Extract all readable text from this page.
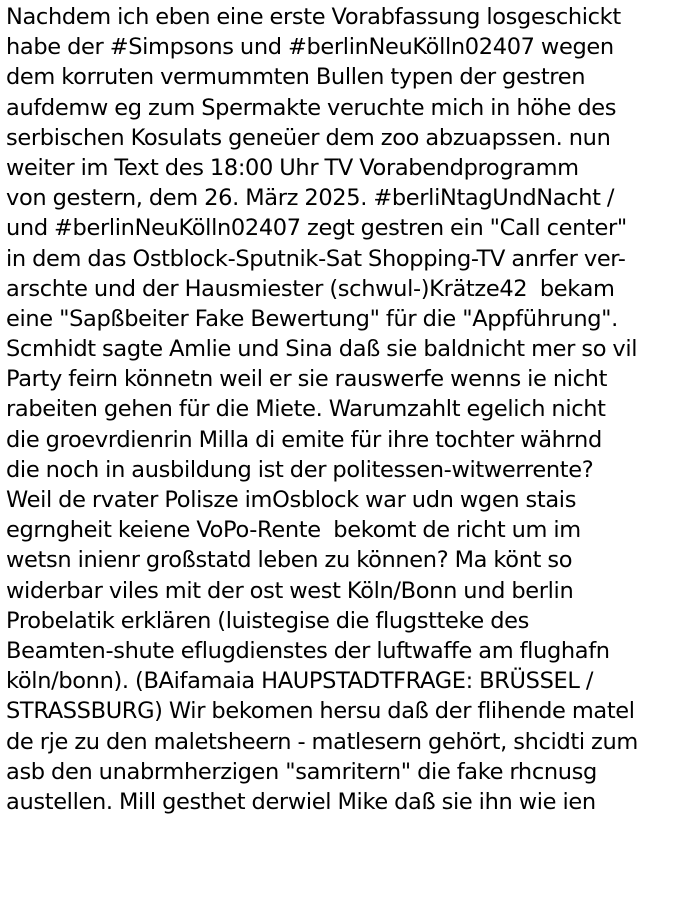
Nachdem ich eben eine erste Vorabfassung losgeschickt
habe der #Simpsons und #berlinNeuKölln02407 wegen
dem korruten vermummten Bullen typen der gestren
aufdemw eg zum Spermakte veruchte mich in höhe des
serbischen Kosulats geneüer dem zoo abzuapssen. nun
weiter im Text des 18:00 Uhr TV Vorabendprogramm
von gestern, dem 26. März 2025. #berliNtagUndNacht /
und #berlinNeuKölln02407 zegt gestren ein "Call center"
in dem das Ostblock-Sputnik-Sat Shopping-TV anrfer ver-
arschte und der Hausmiester (schwul-)Krätze42  bekam
eine "Sapßbeiter Fake Bewertung" für die "Appführung".
Scmhidt sagte Amlie und Sina daß sie baldnicht mer so vil
Party feirn könnetn weil er sie rauswerfe wenns ie nicht
rabeiten gehen für die Miete. Warumzahlt egelich nicht
die groevrdienrin Milla di emite für ihre tochter währnd
die noch in ausbildung ist der politessen-witwerrente?
Weil de rvater Polisze imOsblock war udn wgen stais
egrngheit keiene VoPo-Rente  bekomt de richt um im
wetsn inienr großstatd leben zu können? Ma könt so
widerbar viles mit der ost west Köln/Bonn und berlin
Probelatik erklären (luistegise die flugstteke des
Beamten-shute eflugdienstes der luftwaffe am flughafn
köln/bonn). (BAifamaia HAUPSTADTFRAGE: BRÜSSEL /
STRASSBURG) Wir bekomen hersu daß der flihende matel
de rje zu den maletsheern - matlesern gehört, shcidti zum
asb den unabrmherzigen "samritern" die fake rhcnusg
austellen. Mill gesthet derwiel Mike daß sie ihn wie ien
